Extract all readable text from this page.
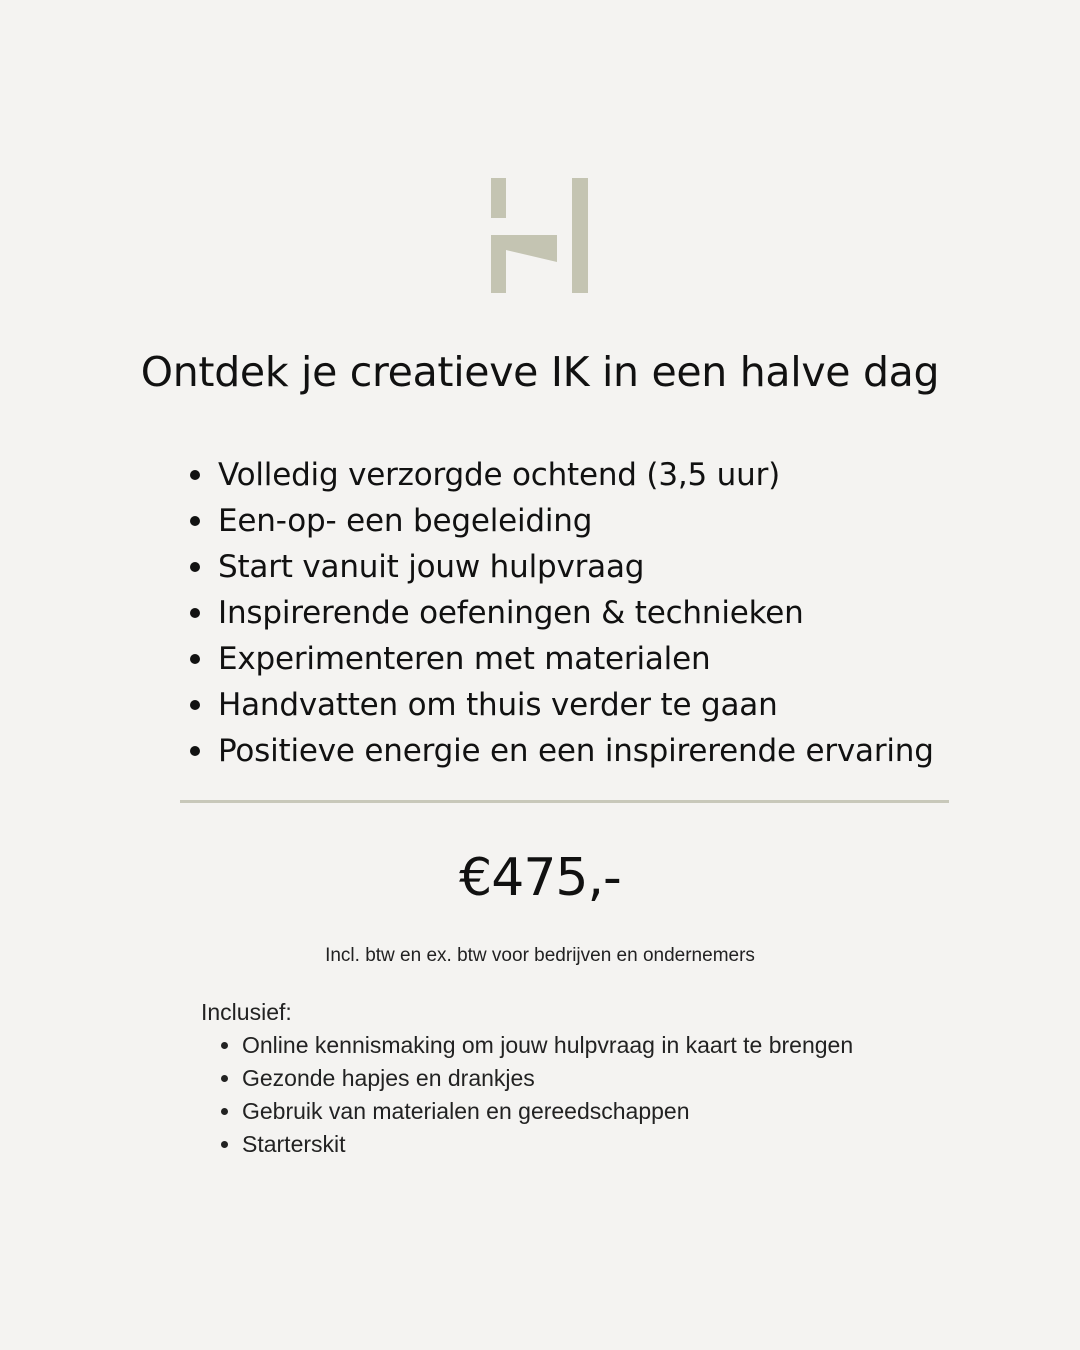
Ontdek je creatieve IK in een halve dag
Volledig verzorgde ochtend (3,5 uur)
Een-op- een begeleiding
Start vanuit jouw hulpvraag
Inspirerende oefeningen & technieken
Experimenteren met materialen
Handvatten om thuis verder te gaan
Positieve energie en een inspirerende ervaring
€475,-
Incl. btw en ex. btw voor bedrijven en ondernemers
Inclusief:
Online kennismaking om jouw hulpvraag in kaart te brengen
Gezonde hapjes en drankjes
Gebruik van materialen en gereedschappen
Starterskit
